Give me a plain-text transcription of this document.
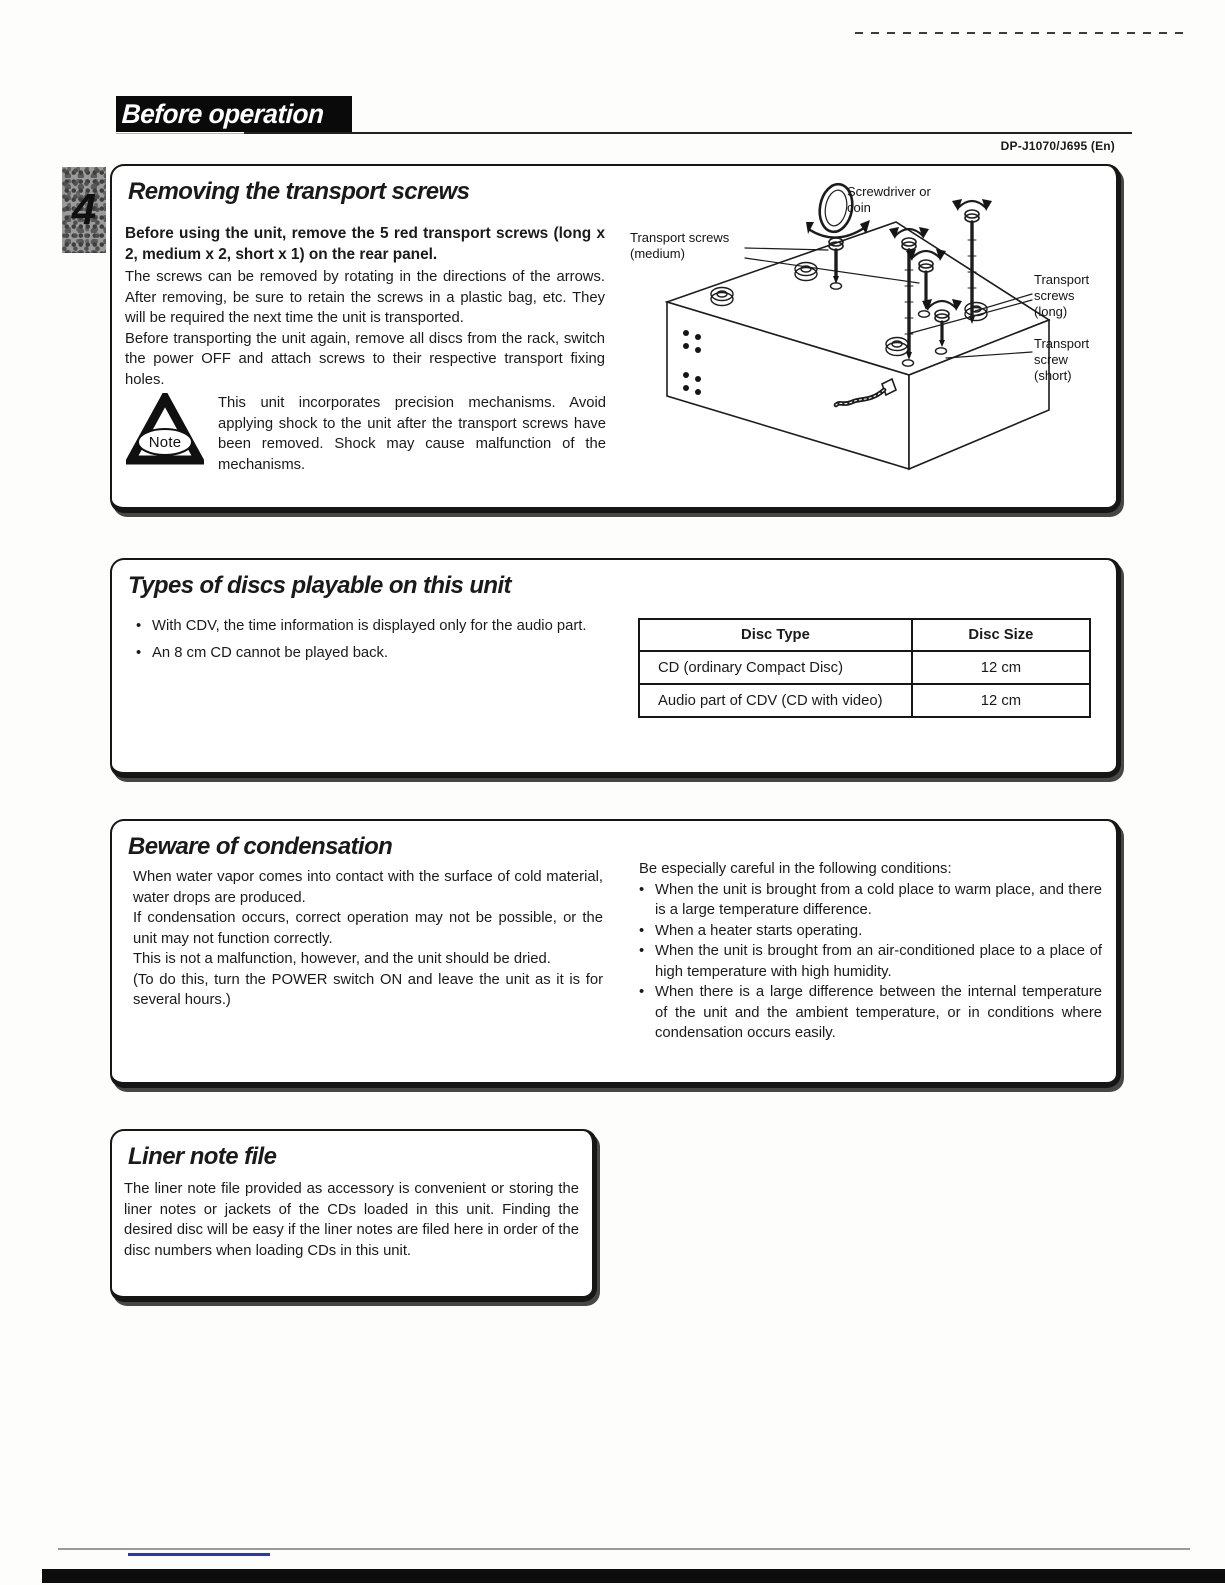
Before operation
DP-J1070/J695 (En)
4 Removing the transport screws

Before using the unit, remove the 5 red transport screws (long x 2, medium x 2, short x 1) on the rear panel.

The screws can be removed by rotating in the directions of the arrows. After removing, be sure to retain the screws in a plastic bag, etc. They will be required the next time the unit is transported.

Before transporting the unit again, remove all discs from the rack, switch the power OFF and attach screws to their respective transport fixing holes.

Note

This unit incorporates precision mechanisms. Avoid applying shock to the unit after the transport screws have been removed. Shock may cause malfunction of the mechanisms.

Screwdriver or coin
Transport screws (medium)
Transport screws (long)
Transport screw (short)
Types of discs playable on this unit
• With CDV, the time information is displayed only for the audio part.
• An 8 cm CD cannot be played back.
Disc Type	Disc Size
CD (ordinary Compact Disc)	12 cm
Audio part of CDV (CD with video)	12 cm
Beware of condensation

When water vapor comes into contact with the surface of cold material, water drops are produced.

If condensation occurs, correct operation may not be possible, or the unit may not function correctly.

This is not a malfunction, however, and the unit should be dried.

(To do this, turn the POWER switch ON and leave the unit as it is for several hours.)

Be especially careful in the following conditions:

• When the unit is brought from a cold place to warm place, and there is a large temperature difference.
• When a heater starts operating.
• When the unit is brought from an air-conditioned place to a place of high temperature with high humidity.
• When there is a large difference between the internal temperature of the unit and the ambient temperature, or in conditions where condensation occurs easily.
Liner note file

The liner note file provided as accessory is convenient or storing the liner notes or jackets of the CDs loaded in this unit. Finding the desired disc will be easy if the liner notes are filed here in order of the disc numbers when loading CDs in this unit.
